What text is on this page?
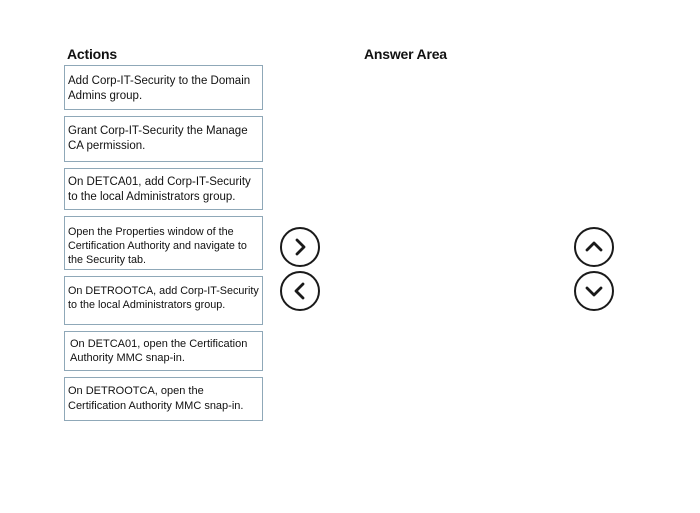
Actions	Answer Area
Add Corp-IT-Security to the Domain Admins group.
Grant Corp-IT-Security the Manage CA permission.
On DETCA01, add Corp-IT-Security to the local Administrators group.
Open the Properties window of the Certification Authority and navigate to the Security tab.
On DETROOTCA, add Corp-IT-Security to the local Administrators group.
On DETCA01, open the Certification Authority MMC snap-in.
On DETROOTCA, open the Certification Authority MMC snap-in.
